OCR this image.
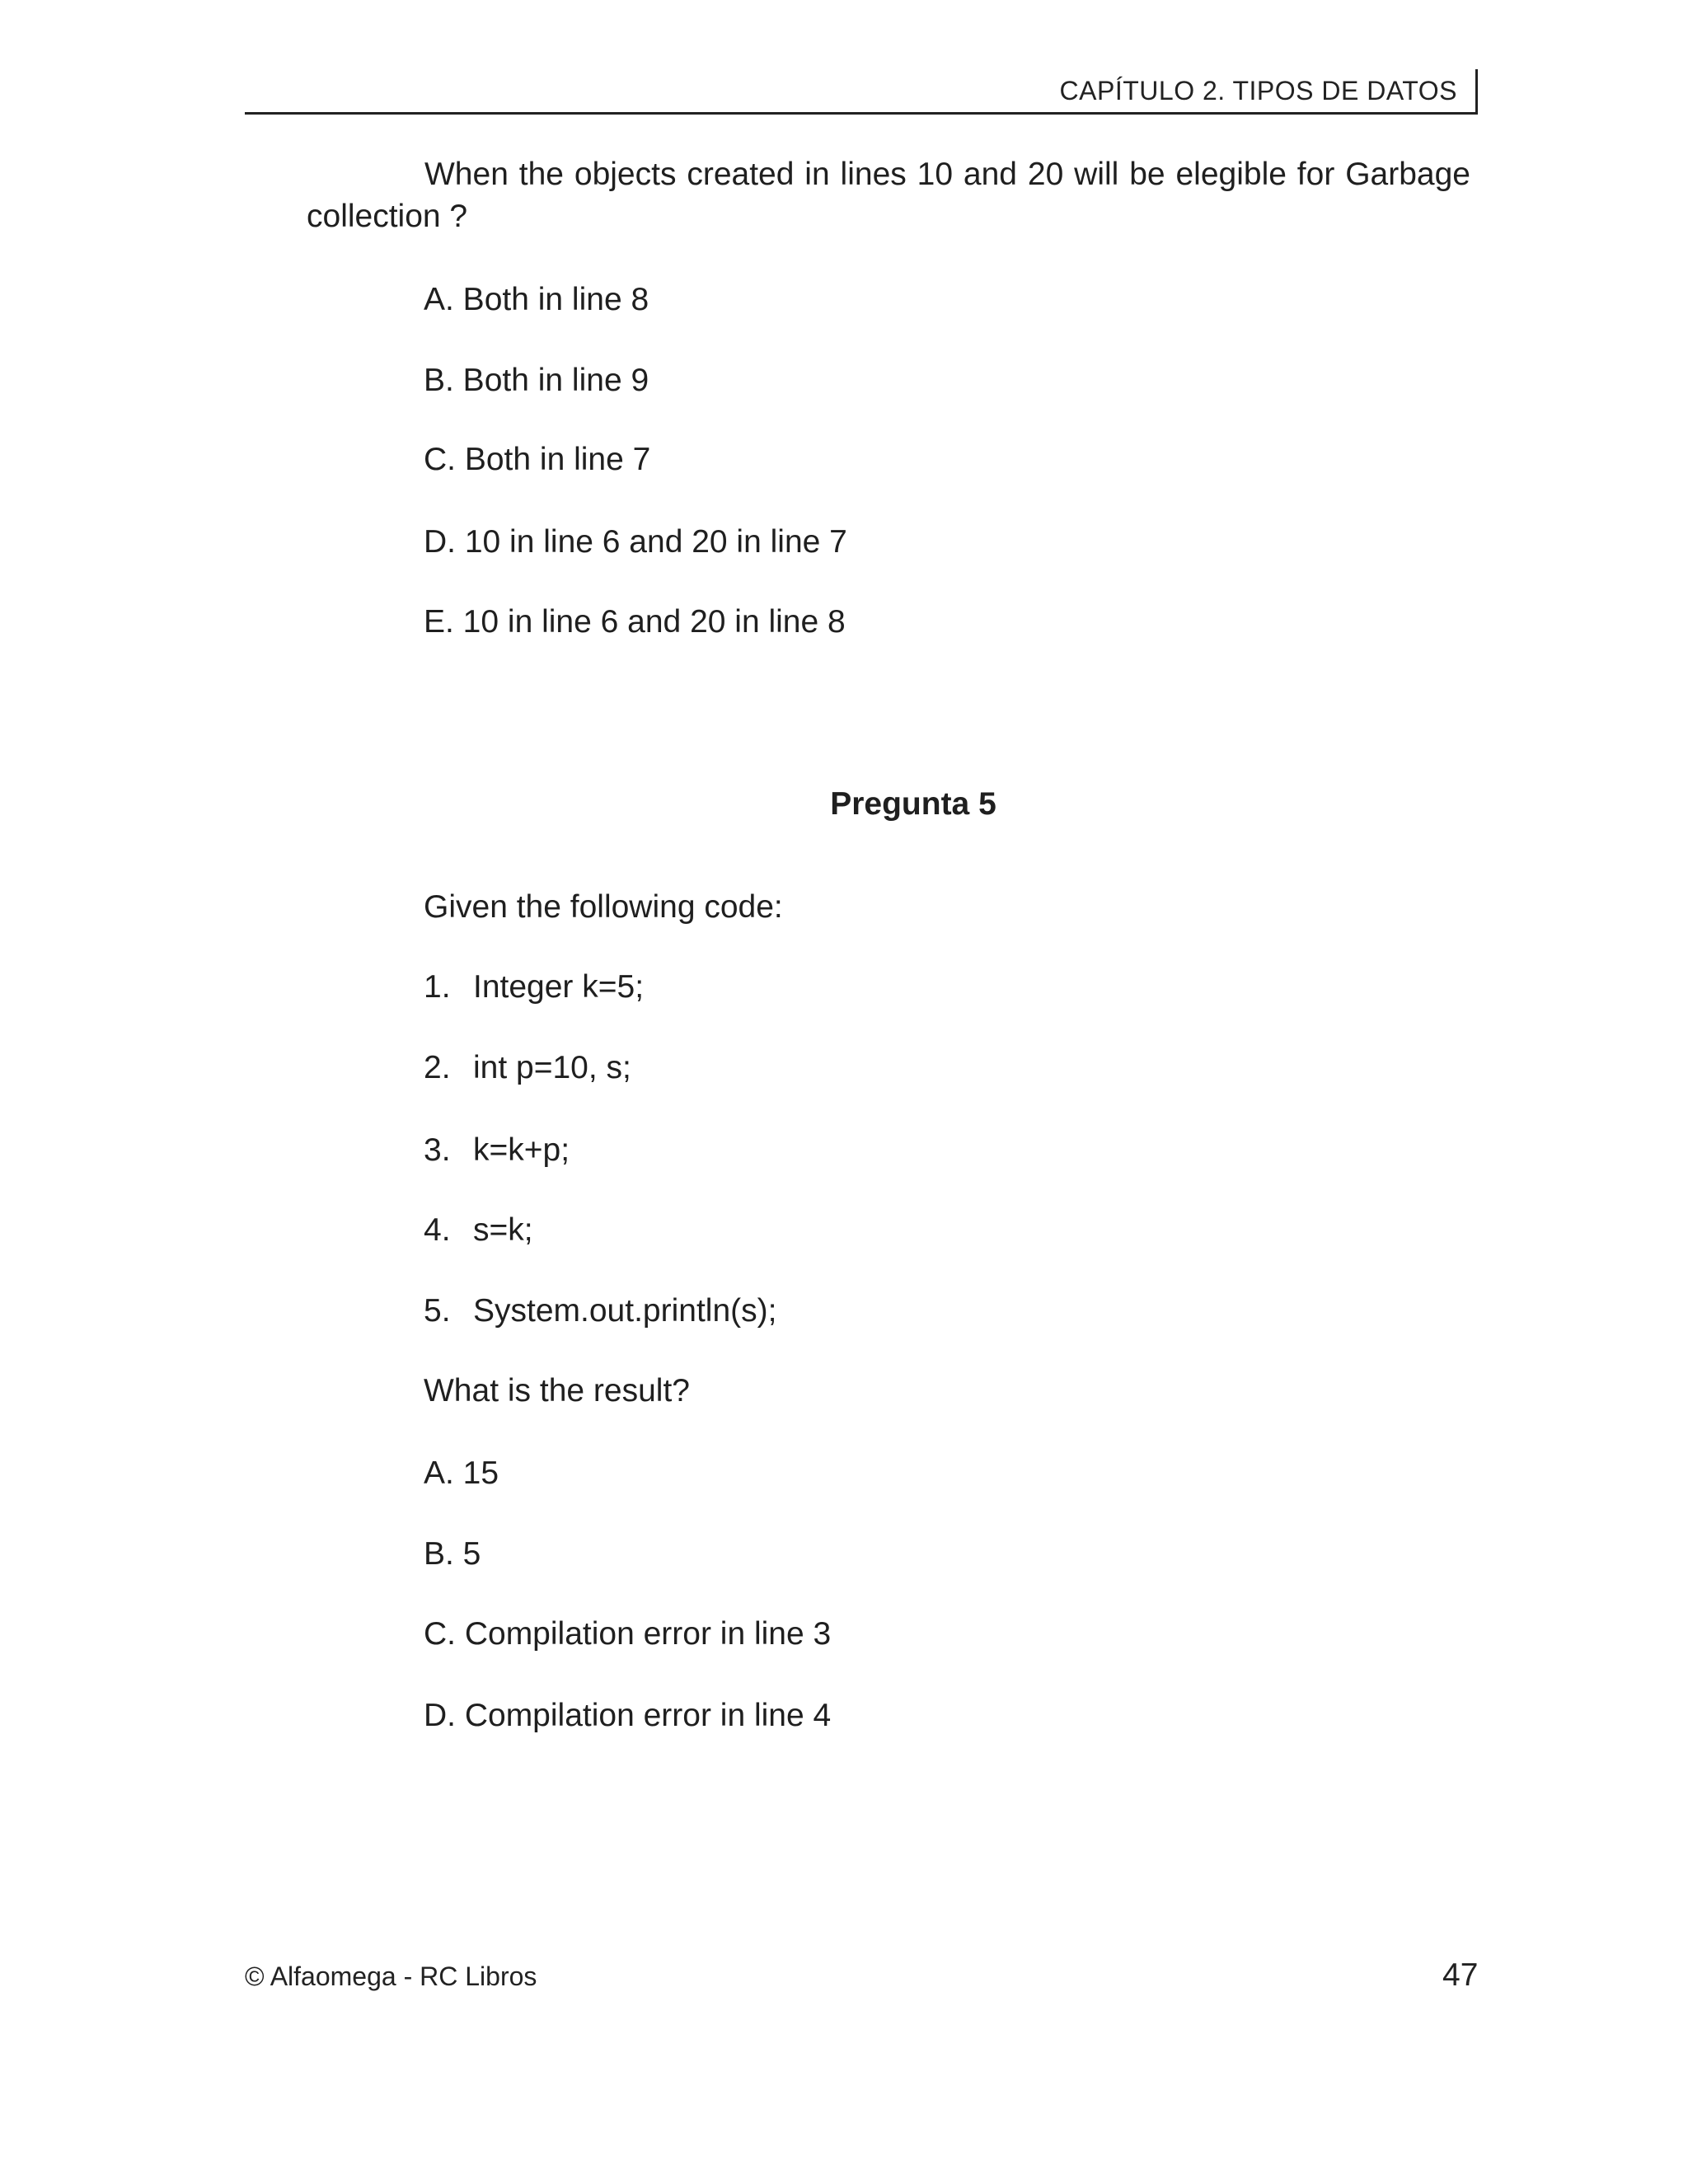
CAPÍTULO 2. TIPOS DE DATOS
When the objects created in lines 10 and 20 will be elegible for Garbage collection ?
A. Both in line 8
B. Both in line 9
C. Both in line 7
D. 10 in line 6 and 20 in line 7
E. 10 in line 6 and 20 in line 8
Pregunta 5
Given the following code:
1. Integer k=5;
2. int p=10, s;
3. k=k+p;
4. s=k;
5. System.out.println(s);
What is the result?
A. 15
B. 5
C. Compilation error in line 3
D. Compilation error in line 4
© Alfaomega - RC Libros	47
